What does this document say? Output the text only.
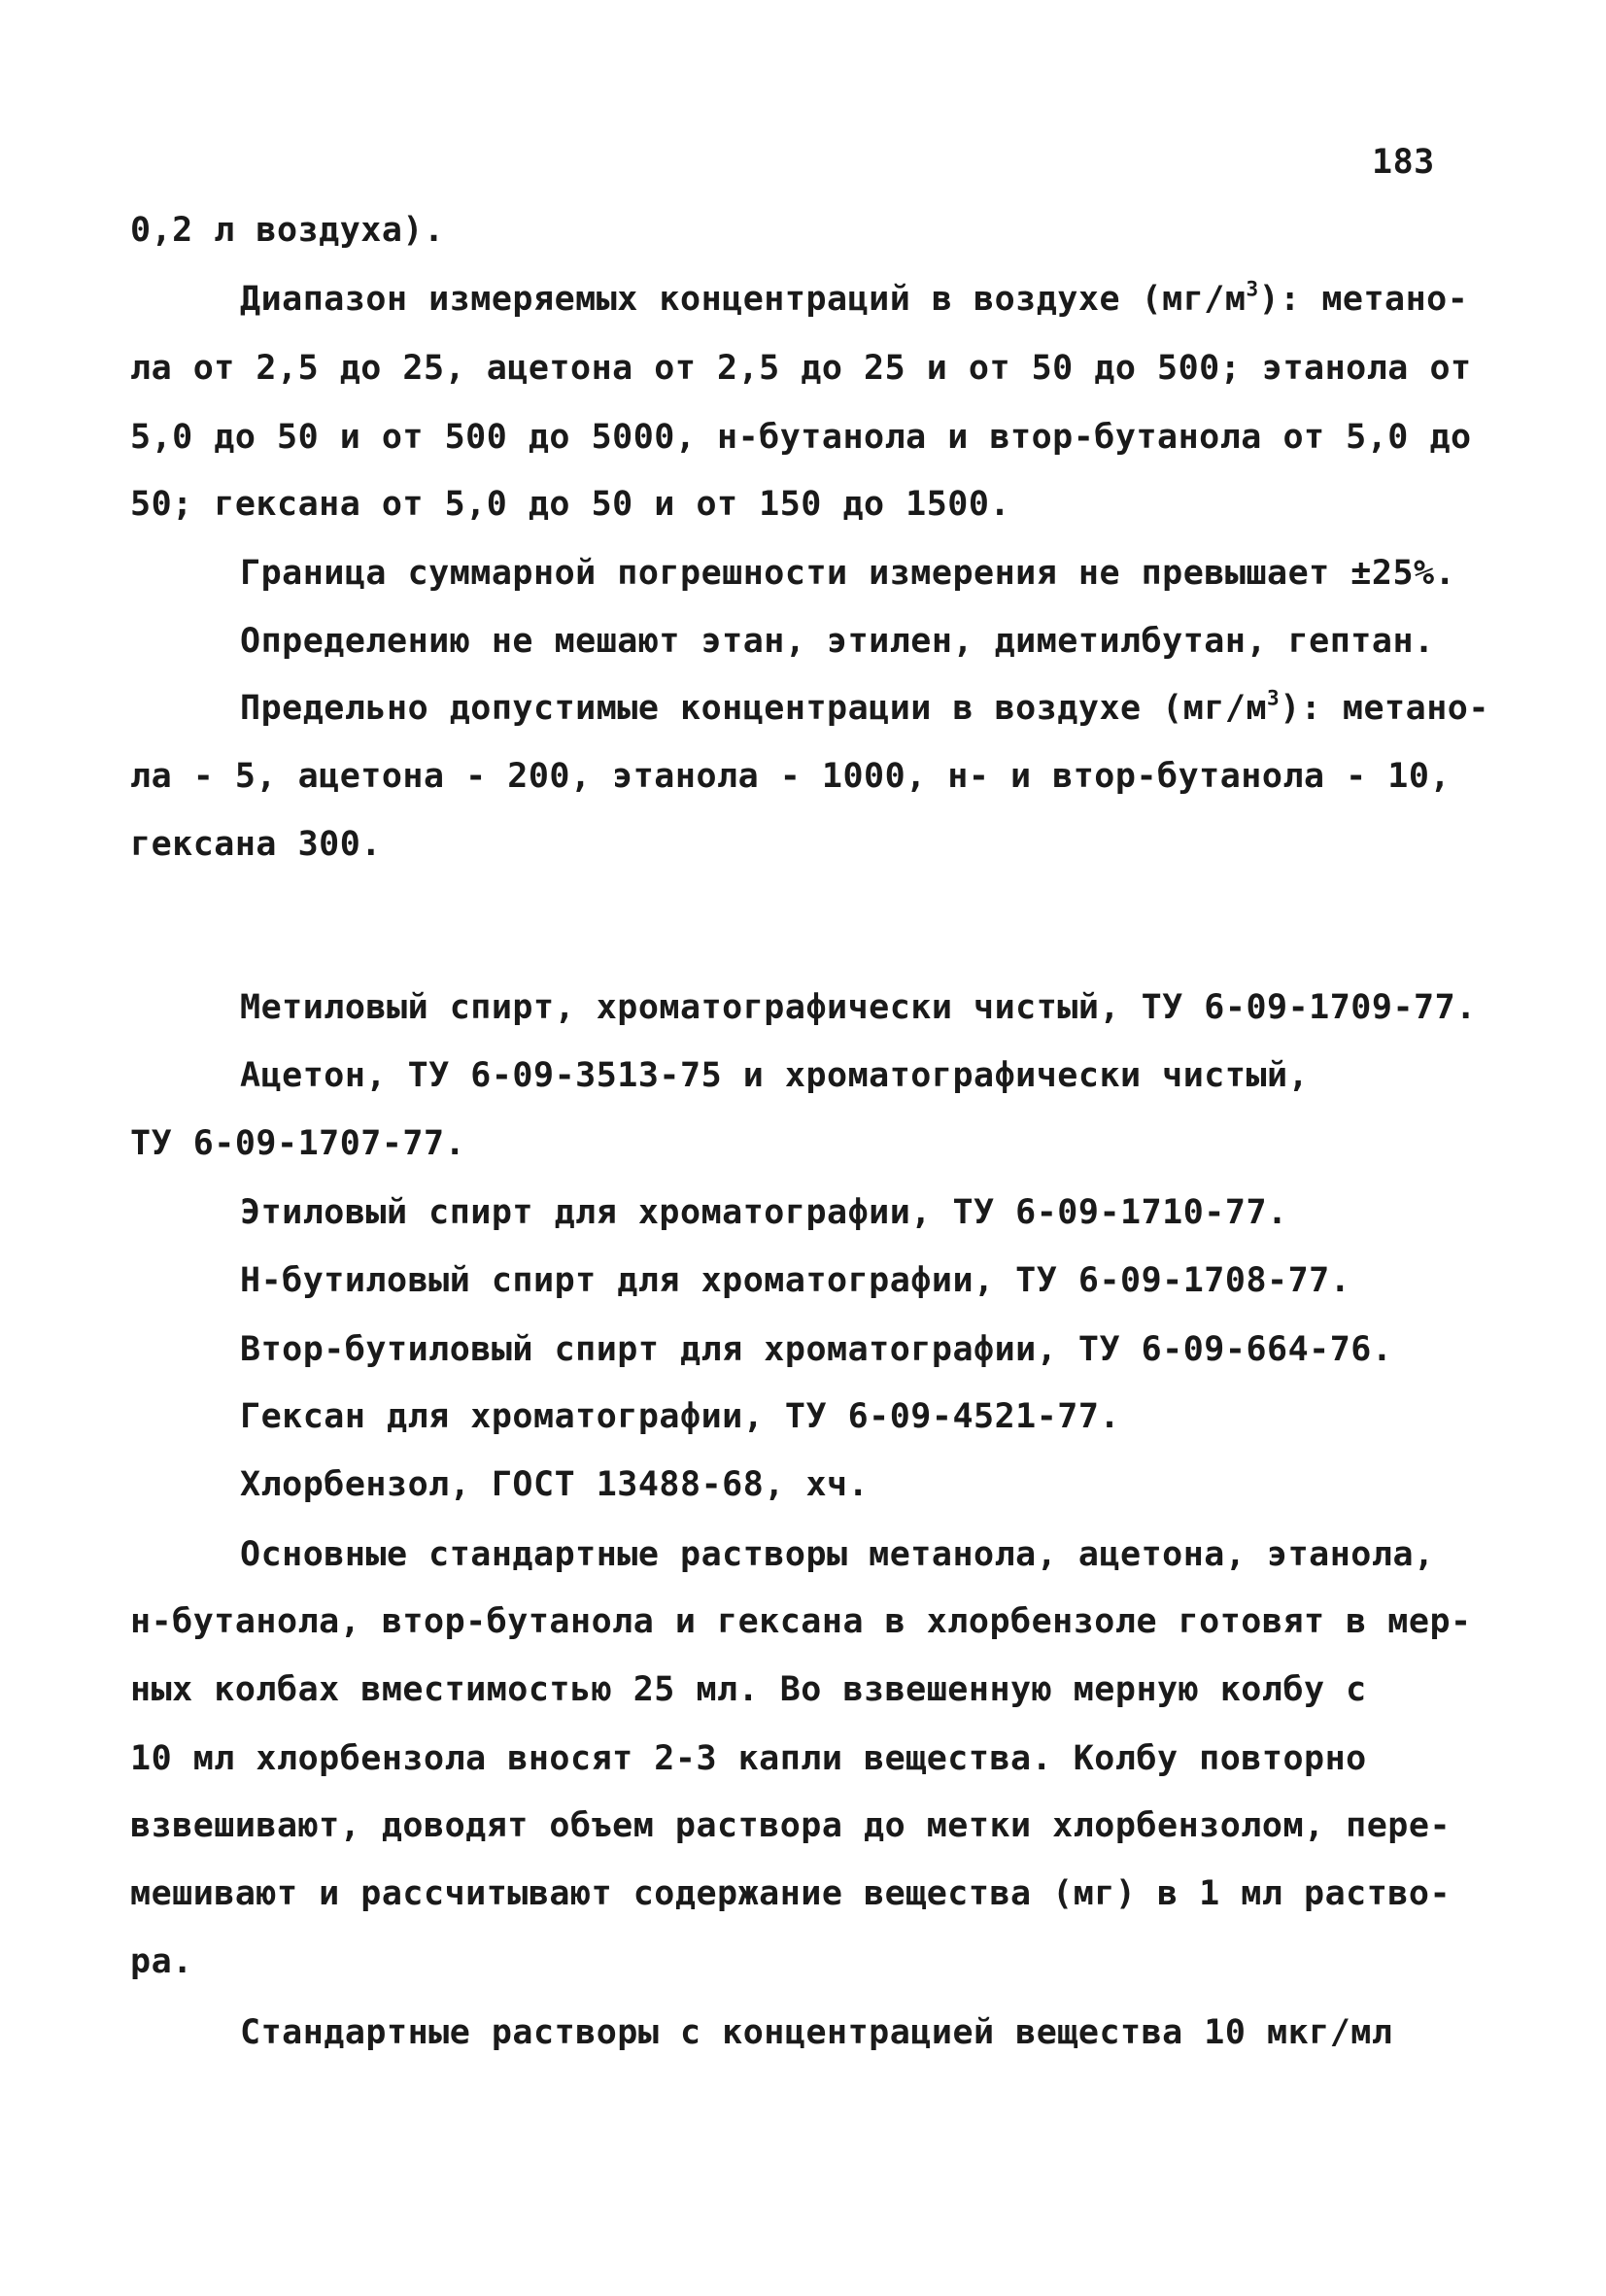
183
0,2 л воздуха).
Диапазон измеряемых концентраций в воздухе $(мг/м^3)$: метано-
ла от 2,5 до 25, ацетона от 2,5 до 25 и от 50 до 500; этанола от
5,0 до 50 и от 500 до 5000, н-бутанола и втор-бутанола от 5,0 до
50; гексана от 5,0 до 50 и от 150 до 1500.
Граница суммарной погрешности измерения не превышает ±25%.
Определению не мешают этан, этилен, диметилбутан, гептан.
Предельно допустимые концентрации в воздухе $(мг/м^3)$: метано-
ла - 5, ацетона - 200, этанола - 1000, н- и втор-бутанола - 10,
гексана 300.
Метиловый спирт, хроматографически чистый, ТУ 6-09-1709-77.
Ацетон, ТУ 6-09-3513-75 и хроматографически чистый,
ТУ 6-09-1707-77.
Этиловый спирт для хроматографии, ТУ 6-09-1710-77.
Н-бутиловый спирт для хроматографии, ТУ 6-09-1708-77.
Втор-бутиловый спирт для хроматографии, ТУ 6-09-664-76.
Гексан для хроматографии, ТУ 6-09-4521-77.
Хлорбензол, ГОСТ 13488-68, хч.
Основные стандартные растворы метанола, ацетона, этанола,
н-бутанола, втор-бутанола и гексана в хлорбензоле готовят в мер-
ных колбах вместимостью 25 мл. Во взвешенную мерную колбу с
10 мл хлорбензола вносят 2-3 капли вещества. Колбу повторно
взвешивают, доводят объем раствора до метки хлорбензолом, пере-
мешивают и рассчитывают содержание вещества (мг) в 1 мл раство-
ра.
Стандартные растворы с концентрацией вещества 10 мкг/мл
